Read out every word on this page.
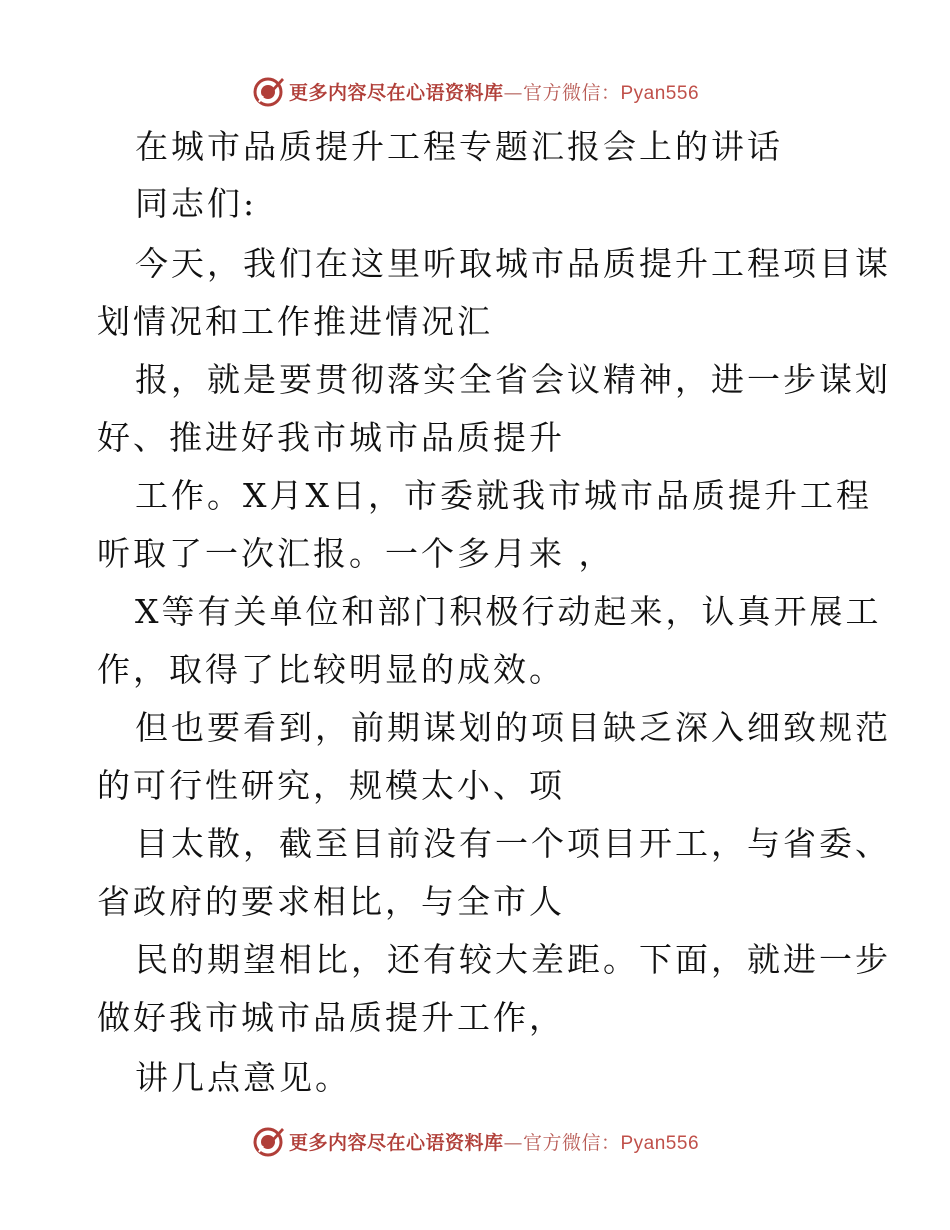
更多内容尽在心语资料库—官方微信：Pyan556
在城市品质提升工程专题汇报会上的讲话
同志们:
今天，我们在这里听取城市品质提升工程项目谋
划情况和工作推进情况汇
报，就是要贯彻落实全省会议精神，进一步谋划
好、推进好我市城市品质提升
工作。X月X日，市委就我市城市品质提升工程
听取了一次汇报。一个多月来 ，
X等有关单位和部门积极行动起来，认真开展工
作，取得了比较明显的成效。
但也要看到，前期谋划的项目缺乏深入细致规范
的可行性研究，规模太小、项
目太散，截至目前没有一个项目开工，与省委、
省政府的要求相比，与全市人
民的期望相比，还有较大差距。下面，就进一步
做好我市城市品质提升工作，
讲几点意见。
更多内容尽在心语资料库—官方微信：Pyan556
